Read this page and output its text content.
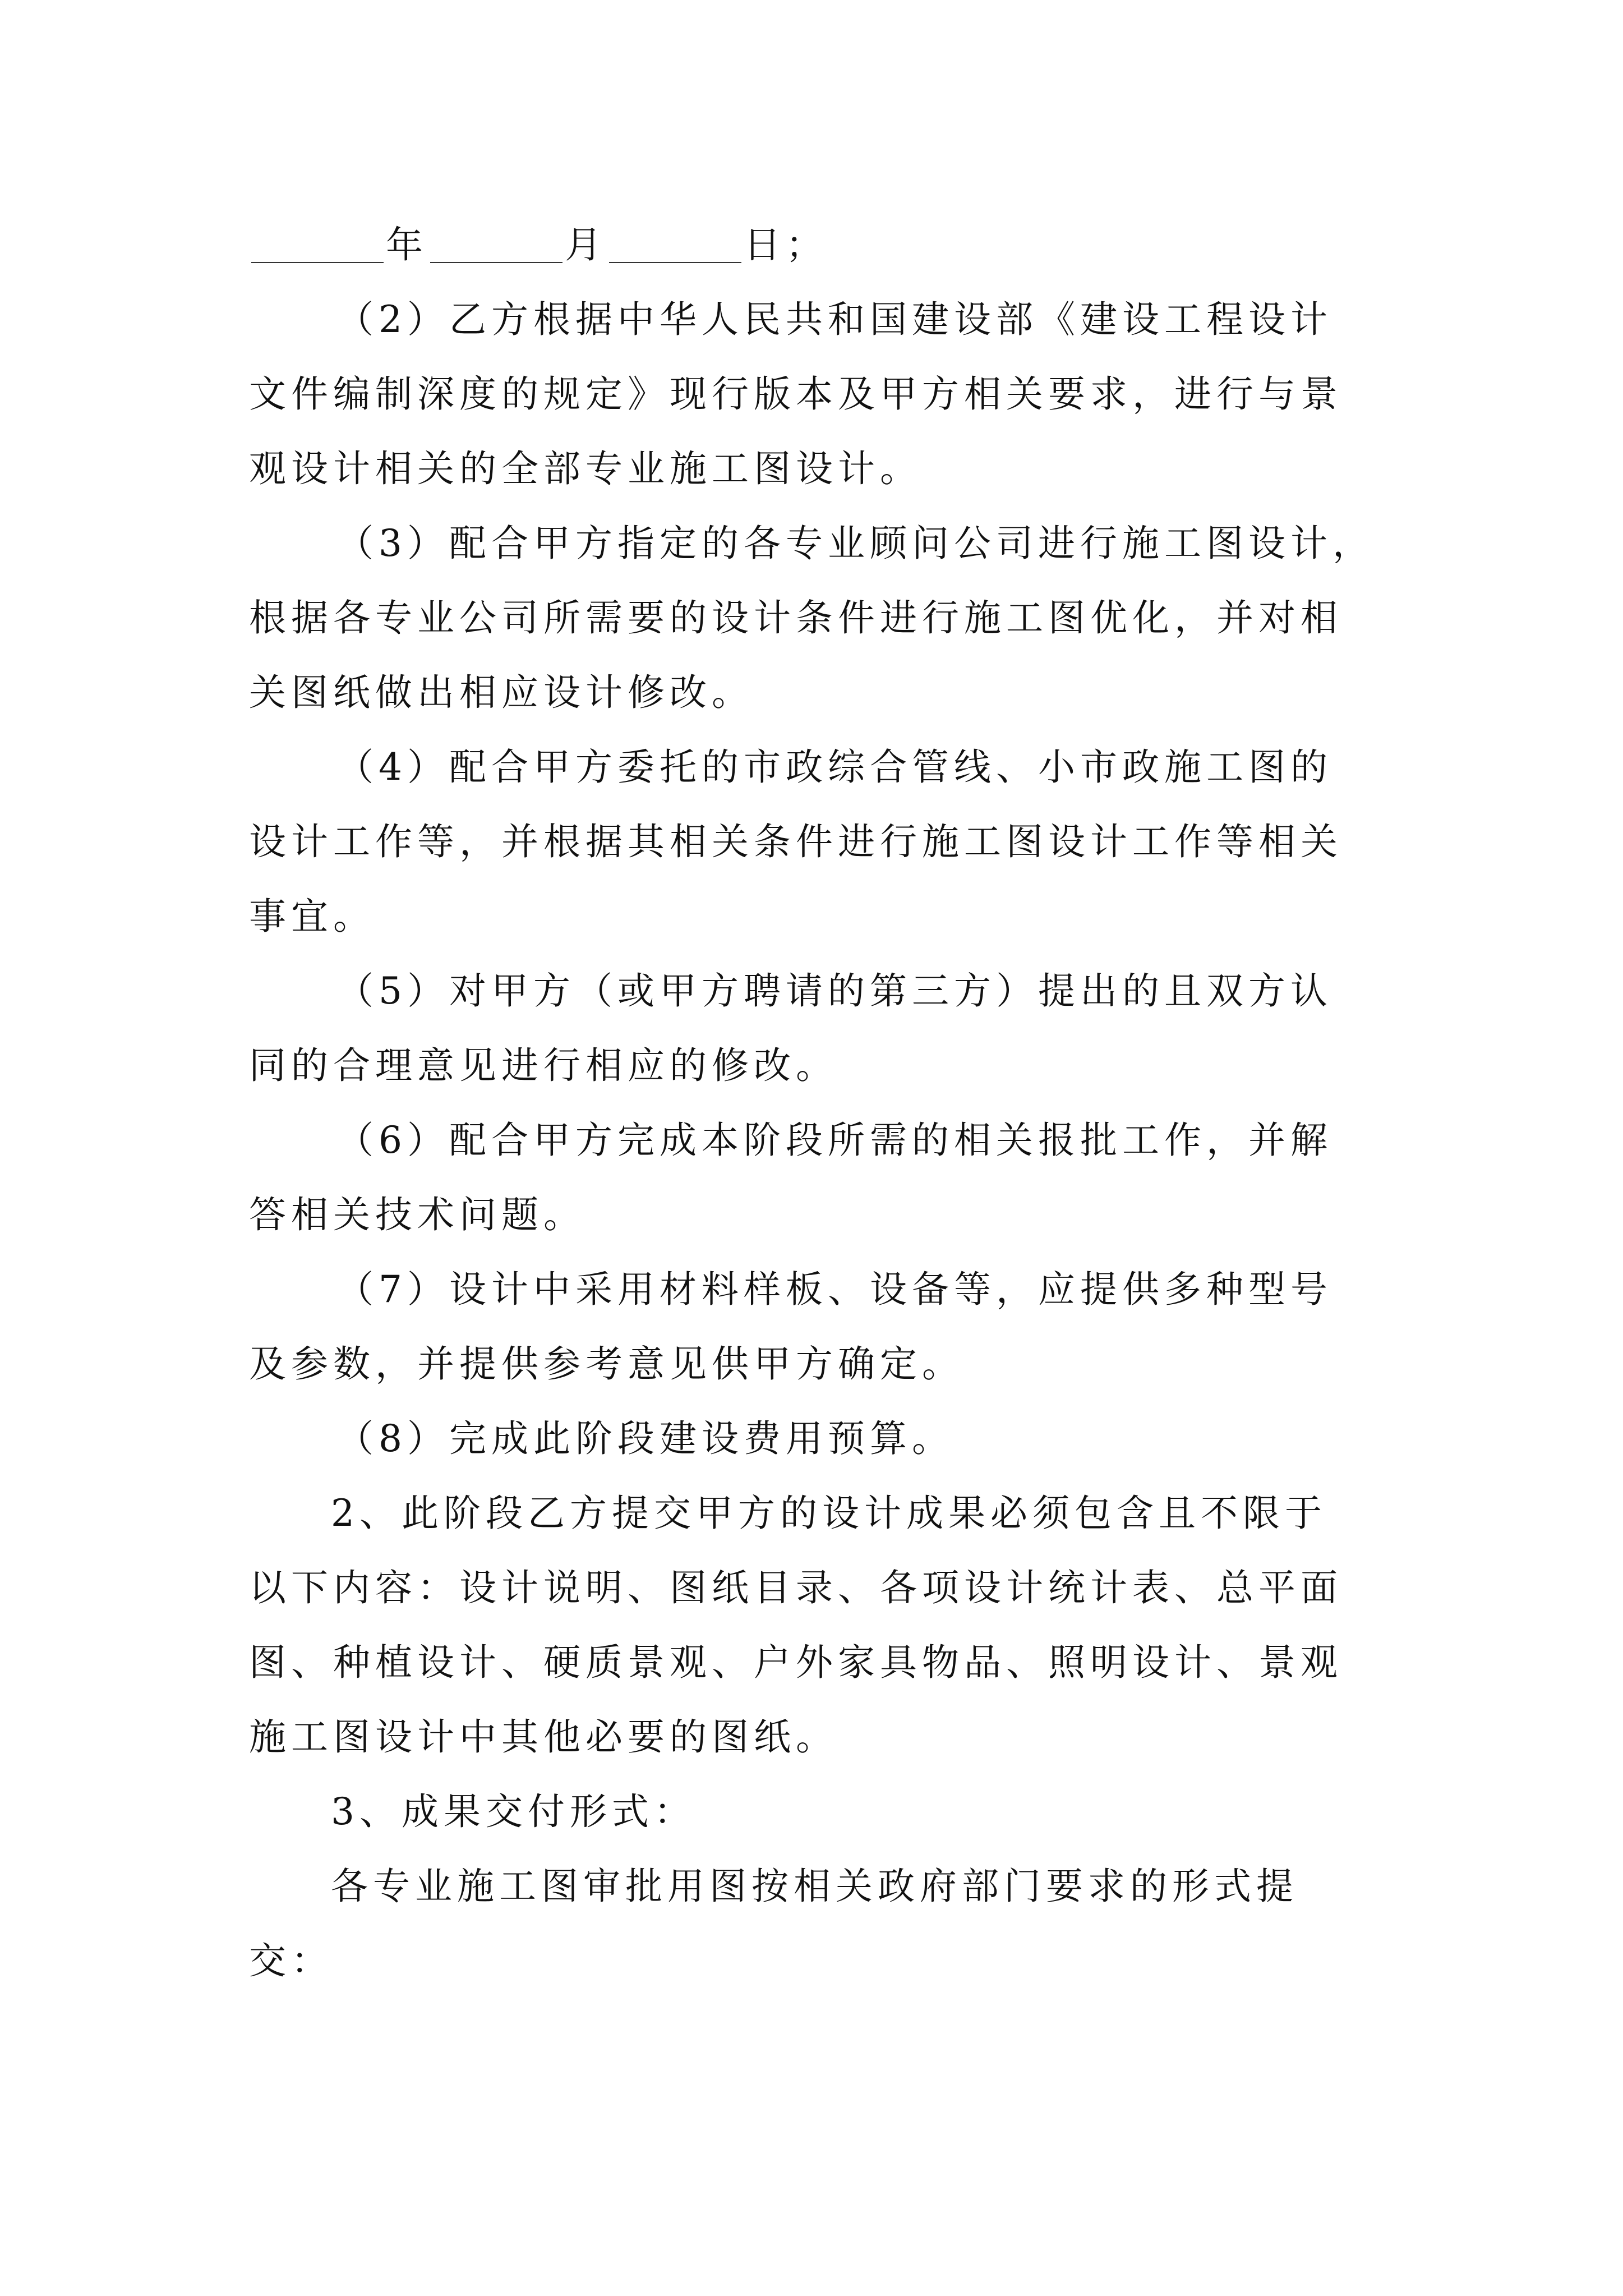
年	月	日；
（2）乙方根据中华人民共和国建设部《建设工程设计
文件编制深度的规定》现行版本及甲方相关要求，进行与景
观设计相关的全部专业施工图设计。
（3）配合甲方指定的各专业顾问公司进行施工图设计，
根据各专业公司所需要的设计条件进行施工图优化，并对相
关图纸做出相应设计修改。
（4）配合甲方委托的市政综合管线、小市政施工图的
设计工作等，并根据其相关条件进行施工图设计工作等相关
事宜。
（5）对甲方（或甲方聘请的第三方）提出的且双方认
同的合理意见进行相应的修改。
（6）配合甲方完成本阶段所需的相关报批工作，并解
答相关技术问题。
（7）设计中采用材料样板、设备等，应提供多种型号
及参数，并提供参考意见供甲方确定。
（8）完成此阶段建设费用预算。
2、此阶段乙方提交甲方的设计成果必须包含且不限于
以下内容：设计说明、图纸目录、各项设计统计表、总平面
图、种植设计、硬质景观、户外家具物品、照明设计、景观
施工图设计中其他必要的图纸。
3、成果交付形式：
各专业施工图审批用图按相关政府部门要求的形式提
交：
